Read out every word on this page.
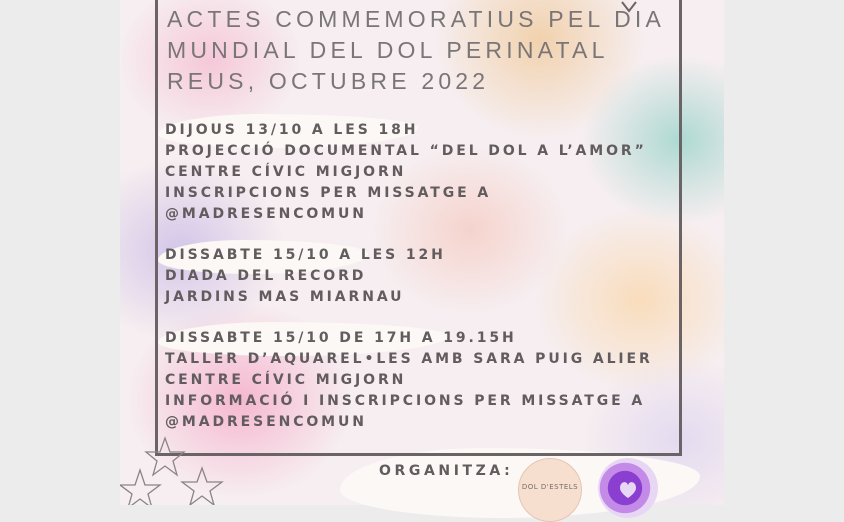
ACTES COMMEMORATIUS PEL DIA
MUNDIAL DEL DOL PERINATAL
REUS, OCTUBRE 2022
DIJOUS 13/10 A LES 18H
PROJECCIÓ DOCUMENTAL “DEL DOL A L’AMOR”
CENTRE CÍVIC MIGJORN
INSCRIPCIONS PER MISSATGE A
@MADRESENCOMUN
DISSABTE 15/10 A LES 12H
DIADA DEL RECORD
JARDINS MAS MIARNAU
DISSABTE 15/10 DE 17H A 19.15H
TALLER D’AQUAREL•LES AMB SARA PUIG ALIER
CENTRE CÍVIC MIGJORN
INFORMACIÓ I INSCRIPCIONS PER MISSATGE A
@MADRESENCOMUN
ORGANITZA:
DOL D'ESTELS
